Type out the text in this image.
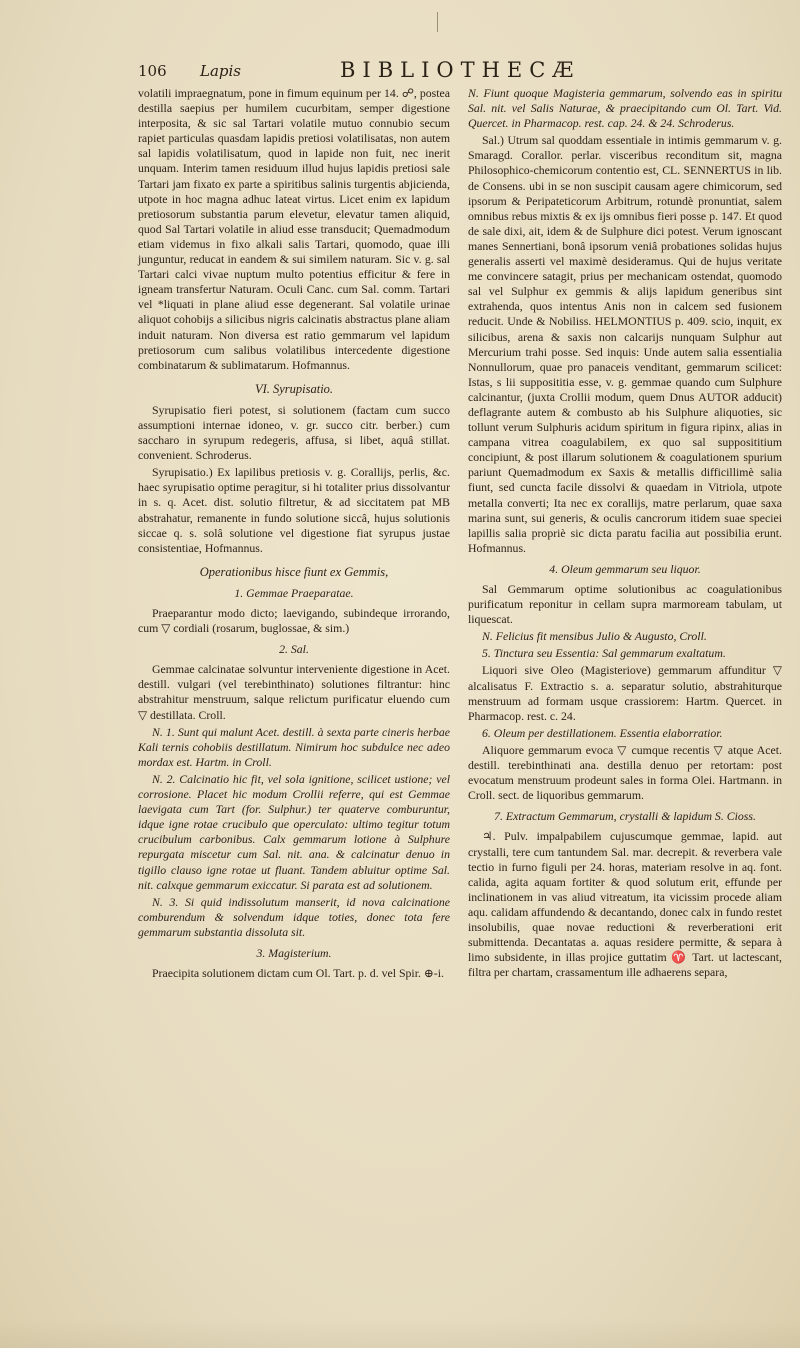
106 Lapis	BIBLIOTHECÆ

volatili impraegnatum, pone in fimum equinum per 14. ☍, postea destilla saepius per humilem cucurbitam, semper digestione interposita, & sic sal Tartari volatile mutuo connubio secum rapiet particulas quasdam lapidis pretiosi volatilisatas, non autem sal lapidis volatilisatum, quod in lapide non fuit, nec inerit unquam. Interim tamen residuum illud hujus lapidis pretiosi sale Tartari jam fixato ex parte a spiritibus salinis turgentis abjicienda, utpote in hoc magna adhuc lateat virtus. Licet enim ex lapidum pretiosorum substantia parum elevetur, elevatur tamen aliquid, quod Sal Tartari volatile in aliud esse transducit; Quemadmodum etiam videmus in fixo alkali salis Tartari, quomodo, quae illi junguntur, reducat in eandem & sui similem naturam. Sic v. g. sal Tartari calci vivae nuptum multo potentius efficitur & fere in igneam transfertur Naturam. Oculi Canc. cum Sal. comm. Tartari vel *liquati in plane aliud esse degenerant. Sal volatile urinae aliquot cohobijs a silicibus nigris calcinatis abstractus plane aliam induit naturam. Non diversa est ratio gemmarum vel lapidum pretiosorum cum salibus volatilibus intercedente digestione combinatarum & sublimatarum. Hofmannus.

VI. Syrupisatio.

Syrupisatio fieri potest, si solutionem (factam cum succo assumptioni internae idoneo, v. gr. succo citr. berber.) cum saccharo in syrupum redegeris, affusa, si libet, aquâ stillat. convenient. Schroderus.

Syrupisatio.) Ex lapilibus pretiosis v. g. Corallijs, perlis, &c. haec syrupisatio optime peragitur, si hi totaliter prius dissolvantur in s. q. Acet. dist. solutio filtretur, & ad siccitatem pat MB abstrahatur, remanente in fundo solutione siccâ, hujus solutionis siccae q. s. solâ solutione vel digestione fiat syrupus justae consistentiae, Hofmannus.

Operationibus hisce fiunt ex Gemmis,
1. Gemmae Praeparatae.

Praeparantur modo dicto; laevigando, subindeque irrorando, cum ▽ cordiali (rosarum, buglossae, & sim.)

2. Sal.

Gemmae calcinatae solvuntur interveniente digestione in Acet. destill. vulgari (vel terebinthinato) solutiones filtrantur: hinc abstrahitur menstruum, salque relictum purificatur eluendo cum ▽ destillata. Croll.

N. 1. Sunt qui malunt Acet. destill. à sexta parte cineris herbae Kali ternis cohobiis destillatum. Nimirum hoc subdulce nec adeo mordax est. Hartm. in Croll.

N. 2. Calcinatio hic fit, vel sola ignitione, scilicet ustione; vel corrosione. Placet hic modum Crollii referre, qui est Gemmae laevigata cum Tart (for. Sulphur.) ter quaterve comburuntur, idque igne rotae crucibulo que operculato: ultimo tegitur totum crucibulum carbonibus. Calx gemmarum lotione à Sulphure repurgata miscetur cum Sal. nit. ana. & calcinatur denuo in tigillo clauso igne rotae ut fluant. Tandem abluitur optime Sal. nit. calxque gemmarum exiccatur. Si parata est ad solutionem.

N. 3. Si quid indissolutum manserit, id nova calcinatione comburendum & solvendum idque toties, donec tota fere gemmarum substantia dissoluta sit.

3. Magisterium.

Praecipita solutionem dictam cum Ol. Tart. p. d. vel Spir. ⊕-i.

N. Fiunt quoque Magisteria gemmarum, solvendo eas in spiritu Sal. nit. vel Salis Naturae, & praecipitando cum Ol. Tart. Vid. Quercet. in Pharmacop. rest. cap. 24. & 24. Schroderus.

Sal.) Utrum sal quoddam essentiale in intimis gemmarum v. g. Smaragd. Corallor. perlar. visceribus reconditum sit, magna Philosophico-chemicorum contentio est, CL. SENNERTUS in lib. de Consens. ubi in se non suscipit causam agere chimicorum, sed ipsorum & Peripateticorum Arbitrum, rotundè pronuntiat, salem omnibus rebus mixtis & ex ijs omnibus fieri posse p. 147. Et quod de sale dixi, ait, idem & de Sulphure dici potest. Verum ignoscant manes Sennertiani, bonâ ipsorum veniâ probationes solidas hujus generalis asserti vel maximè desideramus. Qui de hujus veritate me convincere satagit, prius per mechanicam ostendat, quomodo sal vel Sulphur ex gemmis & alijs lapidum generibus sint extrahenda, quos intentus Anis non in calcem sed fusionem reducit. Unde & Nobiliss. HELMONTIUS p. 409. scio, inquit, ex silicibus, arena & saxis non calcarijs nunquam Sulphur aut Mercurium trahi posse. Sed inquis: Unde autem salia essentialia Nonnullorum, quae pro panaceis venditant, gemmarum scilicet: Istas, s lii supposititia esse, v. g. gemmae quando cum Sulphure calcinantur, (juxta Crollii modum, quem Dnus AUTOR adducit) deflagrante autem & combusto ab his Sulphure aliquoties, sic tollunt verum Sulphuris acidum spiritum in figura ripinx, alias in campana vitrea coagulabilem, ex quo sal supposititium concipiunt, & post illarum solutionem & coagulationem spurium pariunt Quemadmodum ex Saxis & metallis difficillimè salia fiunt, sed cuncta facile dissolvi & quaedam in Vitriola, utpote metalla converti; Ita nec ex corallijs, matre perlarum, quae saxa marina sunt, sui generis, & oculis cancrorum itidem suae speciei lapillis salia propriè sic dicta paratu facilia aut possibilia erunt. Hofmannus.

4. Oleum gemmarum seu liquor.

Sal Gemmarum optime solutionibus ac coagulationibus purificatum reponitur in cellam supra marmoream tabulam, ut liquescat.

N. Felicius fit mensibus Julio & Augusto, Croll.

5. Tinctura seu Essentia: Sal gemmarum exaltatum.

Liquori sive Oleo (Magisteriove) gemmarum affunditur ▽ alcalisatus F. Extractio s. a. separatur solutio, abstrahiturque menstruum ad formam usque crassiorem: Hartm. Quercet. in Pharmacop. rest. c. 24.

6. Oleum per destillationem. Essentia elaborratior.

Aliquore gemmarum evoca ▽ cumque recentis ▽ atque Acet. destill. terebinthinati ana. destilla denuo per retortam: post evocatum menstruum prodeunt sales in forma Olei. Hartmann. in Croll. sect. de liquoribus gemmarum.

7. Extractum Gemmarum, crystalli & lapidum S. Cioss.

♃. Pulv. impalpabilem cujuscumque gemmae, lapid. aut crystalli, tere cum tantundem Sal. mar. decrepit. & reverbera vale tectio in furno figuli per 24. horas, materiam resolve in aq. font. calida, agita aquam fortiter & quod solutum erit, effunde per inclinationem in vas aliud vitreatum, ita vicissim procede aliam aqu. calidam affundendo & decantando, donec calx in fundo restet insolubilis, quae novae reductioni & reverberationi erit submittenda. Decantatas a. aquas residere permitte, & separa à limo subsidente, in illas projice guttatim ♈ Tart. ut lactescant, filtra per chartam, crassamentum ille adhaerens separa,
